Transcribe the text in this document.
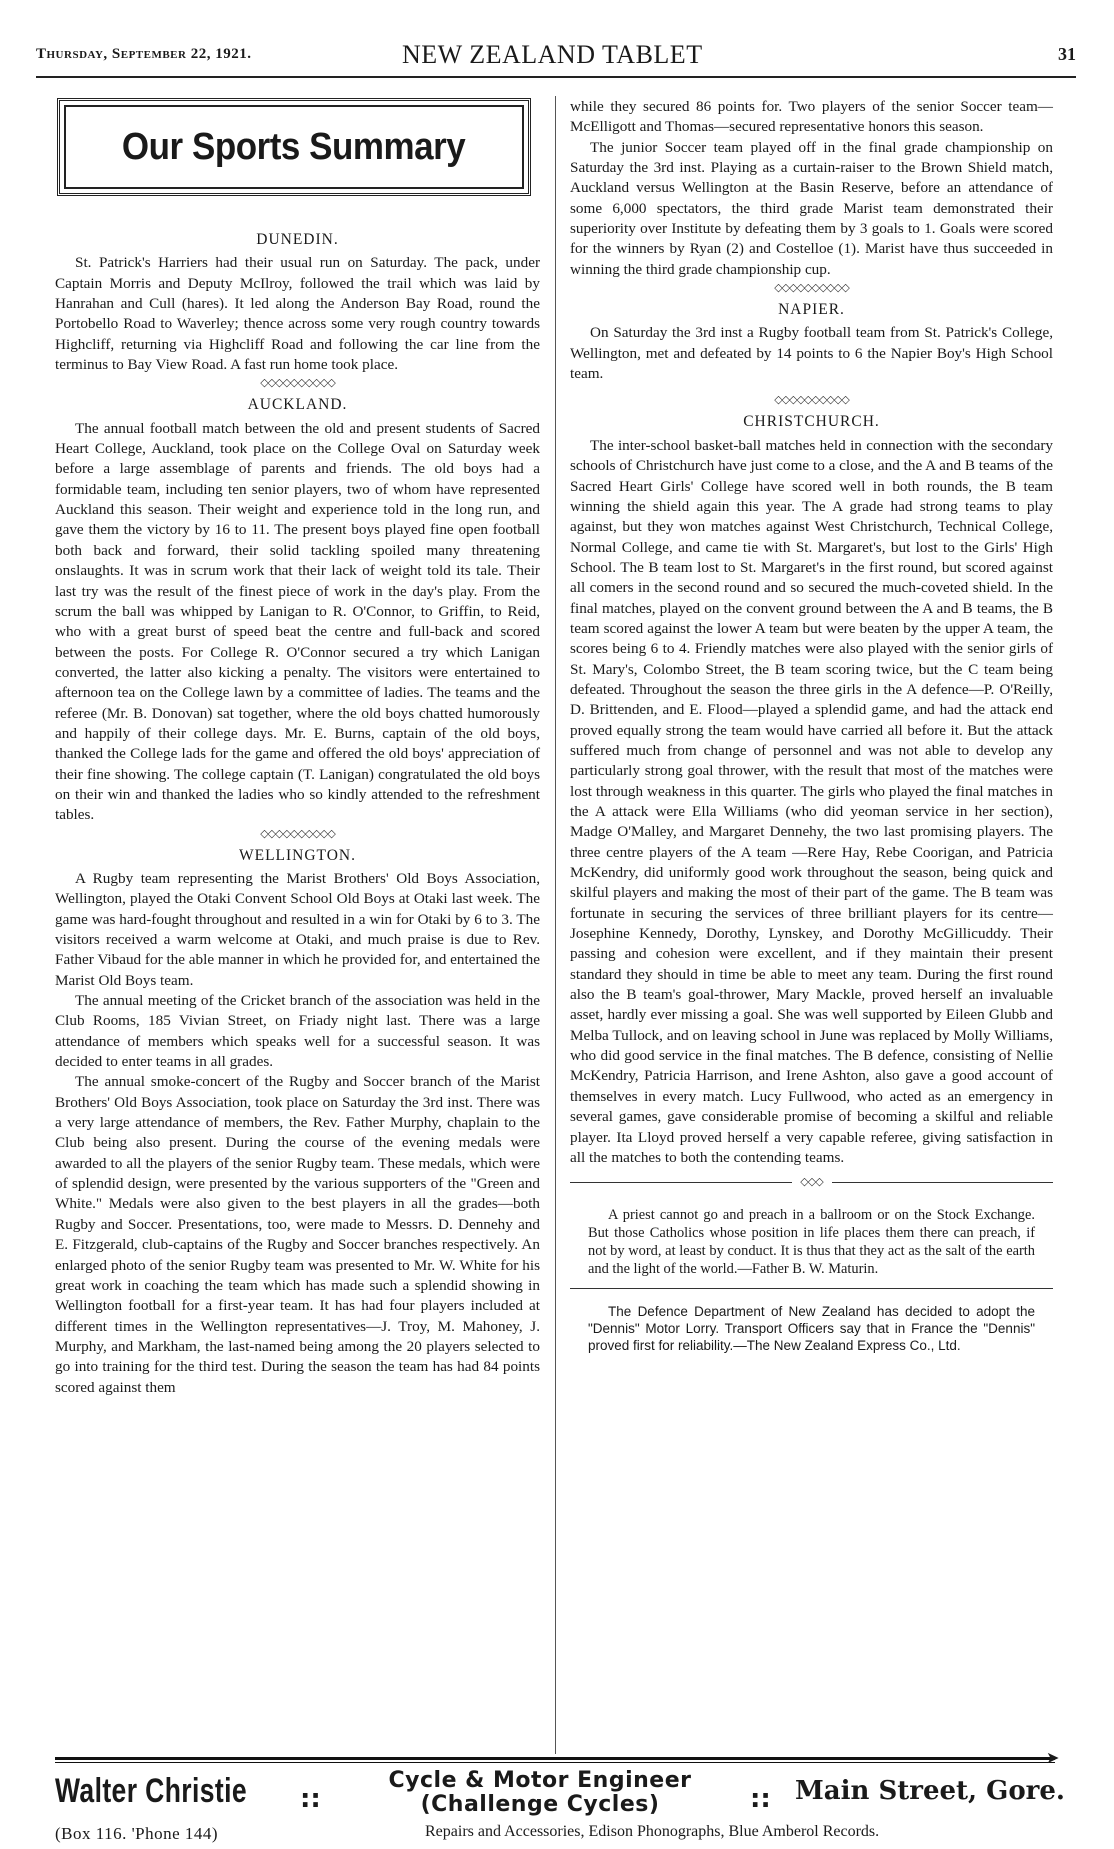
Thursday, September 22, 1921.	NEW ZEALAND TABLET	31
Our Sports Summary
DUNEDIN.

St. Patrick's Harriers had their usual run on Saturday. The pack, under Captain Morris and Deputy McIlroy, followed the trail which was laid by Hanrahan and Cull (hares). It led along the Anderson Bay Road, round the Portobello Road to Waverley; thence across some very rough country towards Highcliff, returning via Highcliff Road and following the car line from the terminus to Bay View Road. A fast run home took place.

◇◇◇◇◇◇◇◇◇◇
AUCKLAND.

The annual football match between the old and present students of Sacred Heart College, Auckland, took place on the College Oval on Saturday week before a large assemblage of parents and friends. The old boys had a formidable team, including ten senior players, two of whom have represented Auckland this season. Their weight and experience told in the long run, and gave them the victory by 16 to 11. The present boys played fine open football both back and forward, their solid tackling spoiled many threatening onslaughts. It was in scrum work that their lack of weight told its tale. Their last try was the result of the finest piece of work in the day's play. From the scrum the ball was whipped by Lanigan to R. O'Connor, to Griffin, to Reid, who with a great burst of speed beat the centre and full-back and scored between the posts. For College R. O'Connor secured a try which Lanigan converted, the latter also kicking a penalty. The visitors were entertained to afternoon tea on the College lawn by a committee of ladies. The teams and the referee (Mr. B. Donovan) sat together, where the old boys chatted humorously and happily of their college days. Mr. E. Burns, captain of the old boys, thanked the College lads for the game and offered the old boys' appreciation of their fine showing. The college captain (T. Lanigan) congratulated the old boys on their win and thanked the ladies who so kindly attended to the refreshment tables.

◇◇◇◇◇◇◇◇◇◇
WELLINGTON.

A Rugby team representing the Marist Brothers' Old Boys Association, Wellington, played the Otaki Convent School Old Boys at Otaki last week. The game was hard-fought throughout and resulted in a win for Otaki by 6 to 3. The visitors received a warm welcome at Otaki, and much praise is due to Rev. Father Vibaud for the able manner in which he provided for, and entertained the Marist Old Boys team.

The annual meeting of the Cricket branch of the association was held in the Club Rooms, 185 Vivian Street, on Friady night last. There was a large attendance of members which speaks well for a successful season. It was decided to enter teams in all grades.

The annual smoke-concert of the Rugby and Soccer branch of the Marist Brothers' Old Boys Association, took place on Saturday the 3rd inst. There was a very large attendance of members, the Rev. Father Murphy, chaplain to the Club being also present. During the course of the evening medals were awarded to all the players of the senior Rugby team. These medals, which were of splendid design, were presented by the various supporters of the "Green and White." Medals were also given to the best players in all the grades—both Rugby and Soccer. Presentations, too, were made to Messrs. D. Dennehy and E. Fitzgerald, club-captains of the Rugby and Soccer branches respectively. An enlarged photo of the senior Rugby team was presented to Mr. W. White for his great work in coaching the team which has made such a splendid showing in Wellington football for a first-year team. It has had four players included at different times in the Wellington representatives—J. Troy, M. Mahoney, J. Murphy, and Markham, the last-named being among the 20 players selected to go into training for the third test. During the season the team has had 84 points scored against them

while they secured 86 points for. Two players of the senior Soccer team—McElligott and Thomas—secured representative honors this season.

The junior Soccer team played off in the final grade championship on Saturday the 3rd inst. Playing as a curtain-raiser to the Brown Shield match, Auckland versus Wellington at the Basin Reserve, before an attendance of some 6,000 spectators, the third grade Marist team demonstrated their superiority over Institute by defeating them by 3 goals to 1. Goals were scored for the winners by Ryan (2) and Costelloe (1). Marist have thus succeeded in winning the third grade championship cup.

◇◇◇◇◇◇◇◇◇◇
NAPIER.

On Saturday the 3rd inst a Rugby football team from St. Patrick's College, Wellington, met and defeated by 14 points to 6 the Napier Boy's High School team.

◇◇◇◇◇◇◇◇◇◇
CHRISTCHURCH.

The inter-school basket-ball matches held in connection with the secondary schools of Christchurch have just come to a close, and the A and B teams of the Sacred Heart Girls' College have scored well in both rounds, the B team winning the shield again this year. The A grade had strong teams to play against, but they won matches against West Christchurch, Technical College, Normal College, and came tie with St. Margaret's, but lost to the Girls' High School. The B team lost to St. Margaret's in the first round, but scored against all comers in the second round and so secured the much-coveted shield. In the final matches, played on the convent ground between the A and B teams, the B team scored against the lower A team but were beaten by the upper A team, the scores being 6 to 4. Friendly matches were also played with the senior girls of St. Mary's, Colombo Street, the B team scoring twice, but the C team being defeated. Throughout the season the three girls in the A defence—P. O'Reilly, D. Brittenden, and E. Flood—played a splendid game, and had the attack end proved equally strong the team would have carried all before it. But the attack suffered much from change of personnel and was not able to develop any particularly strong goal thrower, with the result that most of the matches were lost through weakness in this quarter. The girls who played the final matches in the A attack were Ella Williams (who did yeoman service in her section), Madge O'Malley, and Margaret Dennehy, the two last promising players. The three centre players of the A team —Rere Hay, Rebe Coorigan, and Patricia McKendry, did uniformly good work throughout the season, being quick and skilful players and making the most of their part of the game. The B team was fortunate in securing the services of three brilliant players for its centre—Josephine Kennedy, Dorothy, Lynskey, and Dorothy McGillicuddy. Their passing and cohesion were excellent, and if they maintain their present standard they should in time be able to meet any team. During the first round also the B team's goal-thrower, Mary Mackle, proved herself an invaluable asset, hardly ever missing a goal. She was well supported by Eileen Glubb and Melba Tullock, and on leaving school in June was replaced by Molly Williams, who did good service in the final matches. The B defence, consisting of Nellie McKendry, Patricia Harrison, and Irene Ashton, also gave a good account of themselves in every match. Lucy Fullwood, who acted as an emergency in several games, gave considerable promise of becoming a skilful and reliable player. Ita Lloyd proved herself a very capable referee, giving satisfaction in all the matches to both the contending teams.

◇◇◇

A priest cannot go and preach in a ballroom or on the Stock Exchange. But those Catholics whose position in life places them there can preach, if not by word, at least by conduct. It is thus that they act as the salt of the earth and the light of the world.—Father B. W. Maturin.

The Defence Department of New Zealand has decided to adopt the "Dennis" Motor Lorry. Transport Officers say that in France the "Dennis" proved first for reliability.—The New Zealand Express Co., Ltd.

➤
Walter Christie ::
Cycle & Motor Engineer
(Challenge Cycles)	:: Main Street, Gore.
(Box 116. 'Phone 144)	Repairs and Accessories, Edison Phonographs, Blue Amberol Records.
